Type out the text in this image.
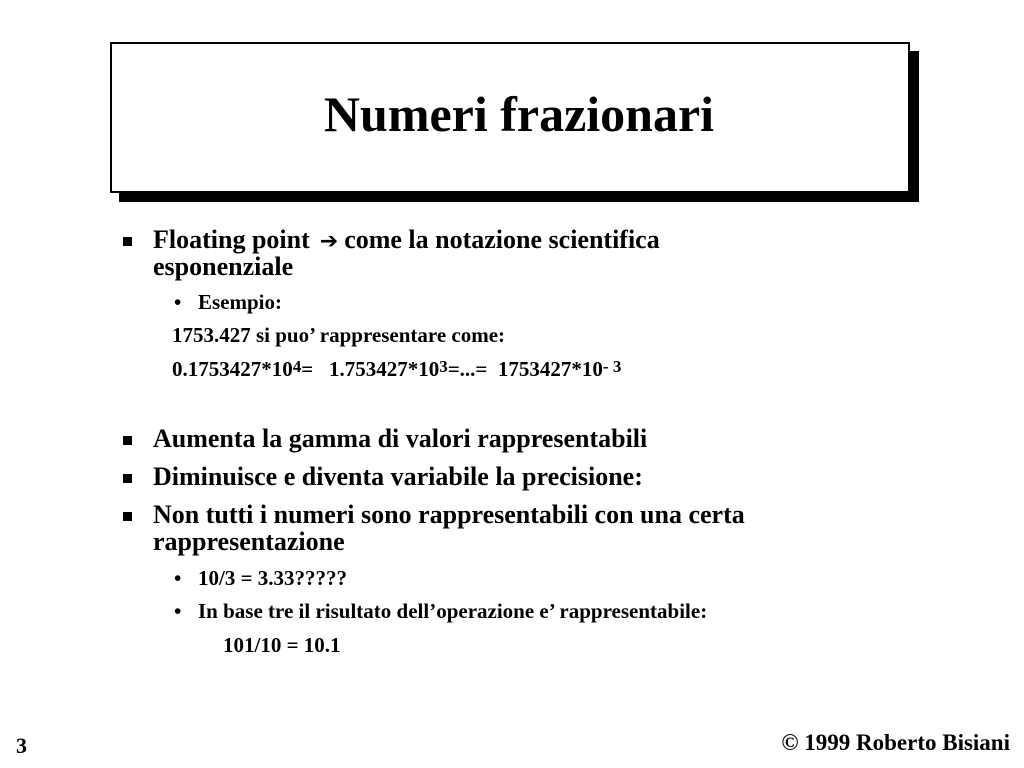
Numeri frazionari
Floating point ➔ come la notazione scientifica
esponenziale
• Esempio:
1753.427 si puo’ rappresentare come:
$0.1753427*10^4= 1.753427*10^3=...= 1753427*10^{- 3}$
Aumenta la gamma di valori rappresentabili
Diminuisce e diventa variabile la precisione:
Non tutti i numeri sono rappresentabili con una certa
rappresentazione
• 10/3 = 3.33?????
• In base tre il risultato dell’operazione e’ rappresentabile:
101/10 = 10.1
3	© 1999 Roberto Bisiani
